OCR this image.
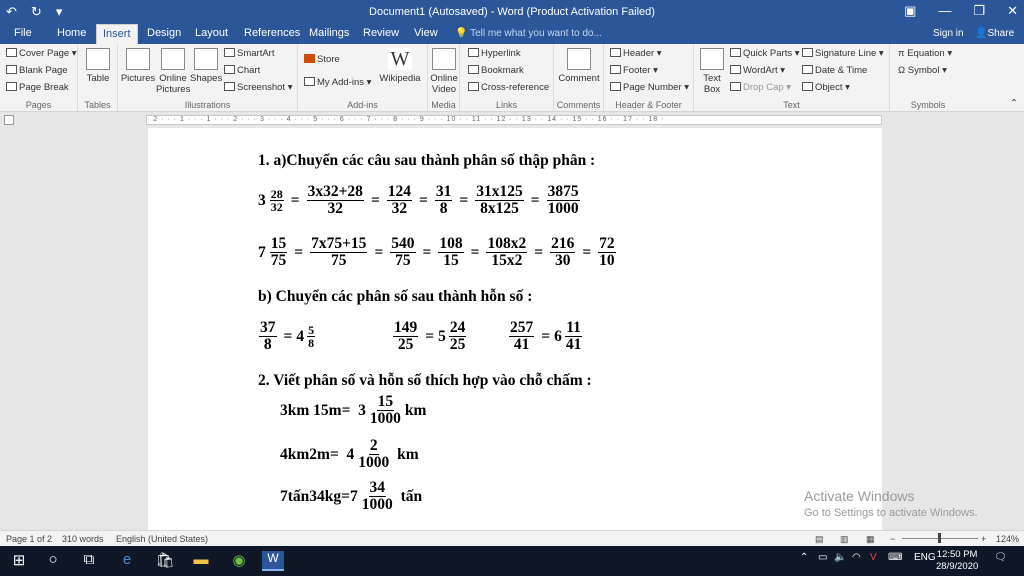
↶ ↻ ▾	Document1 (Autosaved) - Word (Product Activation Failed)	▣ — ❐ ✕
File Home	Insert	Design Layout References Mailings Review View 💡 Tell me what you want to do...	Sign in 👤Share
Cover Page ▾
Blank Page
Page Break
Pages
Table
Tables
Pictures Online Pictures
Shapes
SmartArt
Chart
Screenshot ▾
Illustrations
Store
My Add-ins ▾
W
Wikipedia
Add-ins
Online Video
Media
Hyperlink
Bookmark
Cross-reference
Links
Comment
Comments
Header ▾
Footer ▾
Page Number ▾
Header & Footer
Text Box
Quick Parts ▾
WordArt ▾
Drop Cap ▾
Signature Line ▾
Date & Time
Object ▾
Text
π Equation ▾
Ω Symbol ▾
Symbols	⌃
· 2 · · · 1 · · · 1 · · · 2 · · · 3 · · · 4 · · · 5 · · · 6 · · · 7 · · · 8 · · · 9 · · · 10 · · 11 · · 12 · · 13 · · 14 · · 15 · · 16 · · 17 · · 18 ·
1. a)Chuyển các câu sau thành phân số thập phân :
$3 \frac{28}{32} = \frac{3x32+28}{32} = \frac{124}{32} = \frac{31}{8} = \frac{31x125}{8x125} = \frac{3875}{1000}$
$7 \frac{15}{75} = \frac{7x75+15}{75} = \frac{540}{75} = \frac{108}{15} = \frac{108x2}{15x2} = \frac{216}{30} = \frac{72}{10}$
b) Chuyển các phân số sau thành hỗn số :
$\frac{37}{8} = 4 \frac{5}{8}$	$\frac{149}{25} = 5 \frac{24}{25}$	$\frac{257}{41} = 6 \frac{11}{41}$
2. Viết phân số và hỗn số thích hợp vào chỗ chấm :
3km 15m=
$3 \frac{15}{1000}$ km
4km2m=
$4 \frac{2}{1000}$
km
7tấn34kg=7 $\frac{34}{1000}$
tấn	Activate Windows
Go to Settings to activate Windows.
Page 1 of 2 310 words English (United States)	▤ ▥ ▦ −	+ 124%
⊞	○	⧉	e	🛍 ▬ ◉	W	⌃ ▭ 🔈 ◠ V ⌨ ENG 12:50 PM
28/9/2020
🗨
